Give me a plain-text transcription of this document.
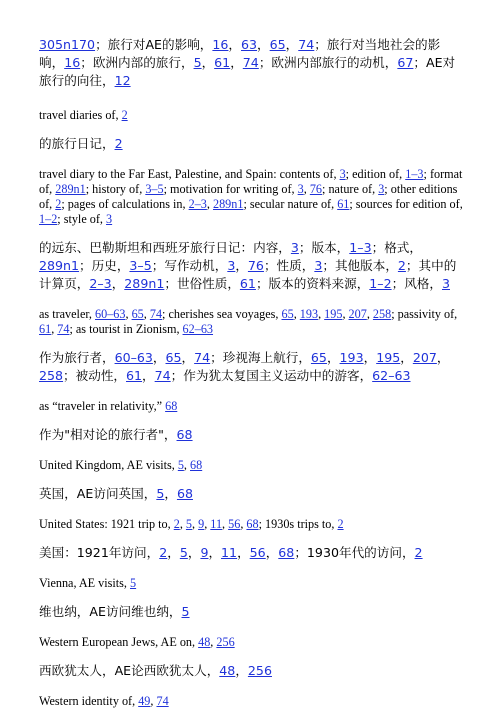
305n170；旅行对AE的影响，16，63，65，74；旅行对当地社会的影响，16；欧洲内部的旅行，5，61，74；欧洲内部旅行的动机，67；AE对旅行的向往，12

travel diaries of, 2

的旅行日记，2

travel diary to the Far East, Palestine, and Spain: contents of, 3; edition of, 1–3; format of, 289n1; history of, 3–5; motivation for writing of, 3, 76; nature of, 3; other editions of, 2; pages of calculations in, 2–3, 289n1; secular nature of, 61; sources for edition of, 1–2; style of, 3

的远东、巴勒斯坦和西班牙旅行日记：内容，3；版本，1–3；格式，289n1；历史，3–5；写作动机，3，76；性质，3；其他版本，2；其中的计算页，2–3，289n1；世俗性质，61；版本的资料来源，1–2；风格，3

as traveler, 60–63, 65, 74; cherishes sea voyages, 65, 193, 195, 207, 258; passivity of, 61, 74; as tourist in Zionism, 62–63

作为旅行者，60–63，65，74；珍视海上航行，65，193，195，207，258；被动性，61，74；作为犹太复国主义运动中的游客，62–63

as “traveler in relativity,” 68

作为"相对论的旅行者"，68

United Kingdom, AE visits, 5, 68

英国，AE访问英国，5，68

United States: 1921 trip to, 2, 5, 9, 11, 56, 68; 1930s trips to, 2

美国：1921年访问，2，5，9，11，56，68；1930年代的访问，2

Vienna, AE visits, 5

维也纳，AE访问维也纳，5

Western European Jews, AE on, 48, 256

西欧犹太人，AE论西欧犹太人，48，256

Western identity of, 49, 74
